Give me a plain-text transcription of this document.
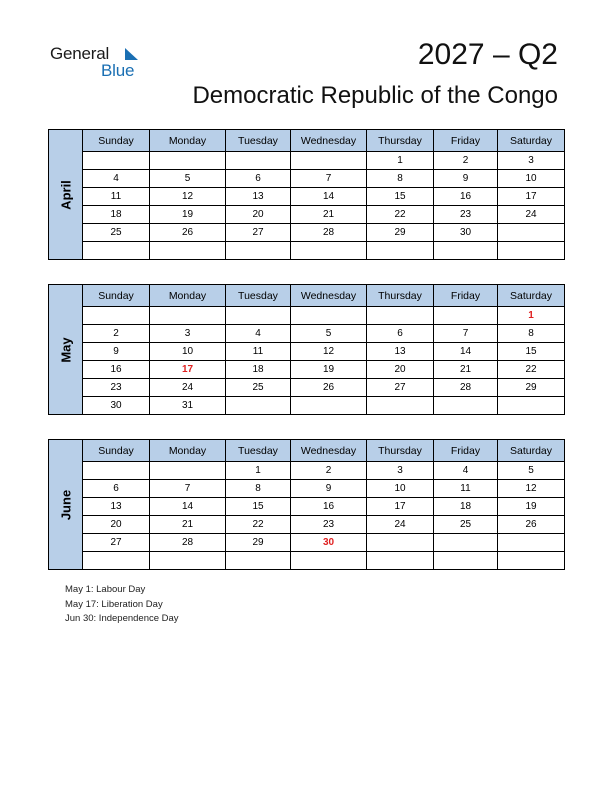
General
Blue	2027 – Q2
Democratic Republic of the Congo
April	Sunday	Monday	Tuesday	Wednesday	Thursday	Friday	Saturday
					1	2	3
	4	5	6	7	8	9	10
	11	12	13	14	15	16	17
	18	19	20	21	22	23	24
	25	26	27	28	29	30	

May	Sunday	Monday	Tuesday	Wednesday	Thursday	Friday	Saturday
							1
	2	3	4	5	6	7	8
	9	10	11	12	13	14	15
	16	17	18	19	20	21	22
	23	24	25	26	27	28	29
	30	31					
June	Sunday	Monday	Tuesday	Wednesday	Thursday	Friday	Saturday
			1	2	3	4	5
	6	7	8	9	10	11	12
	13	14	15	16	17	18	19
	20	21	22	23	24	25	26
	27	28	29	30			

May 1: Labour Day
May 17: Liberation Day
Jun 30: Independence Day
